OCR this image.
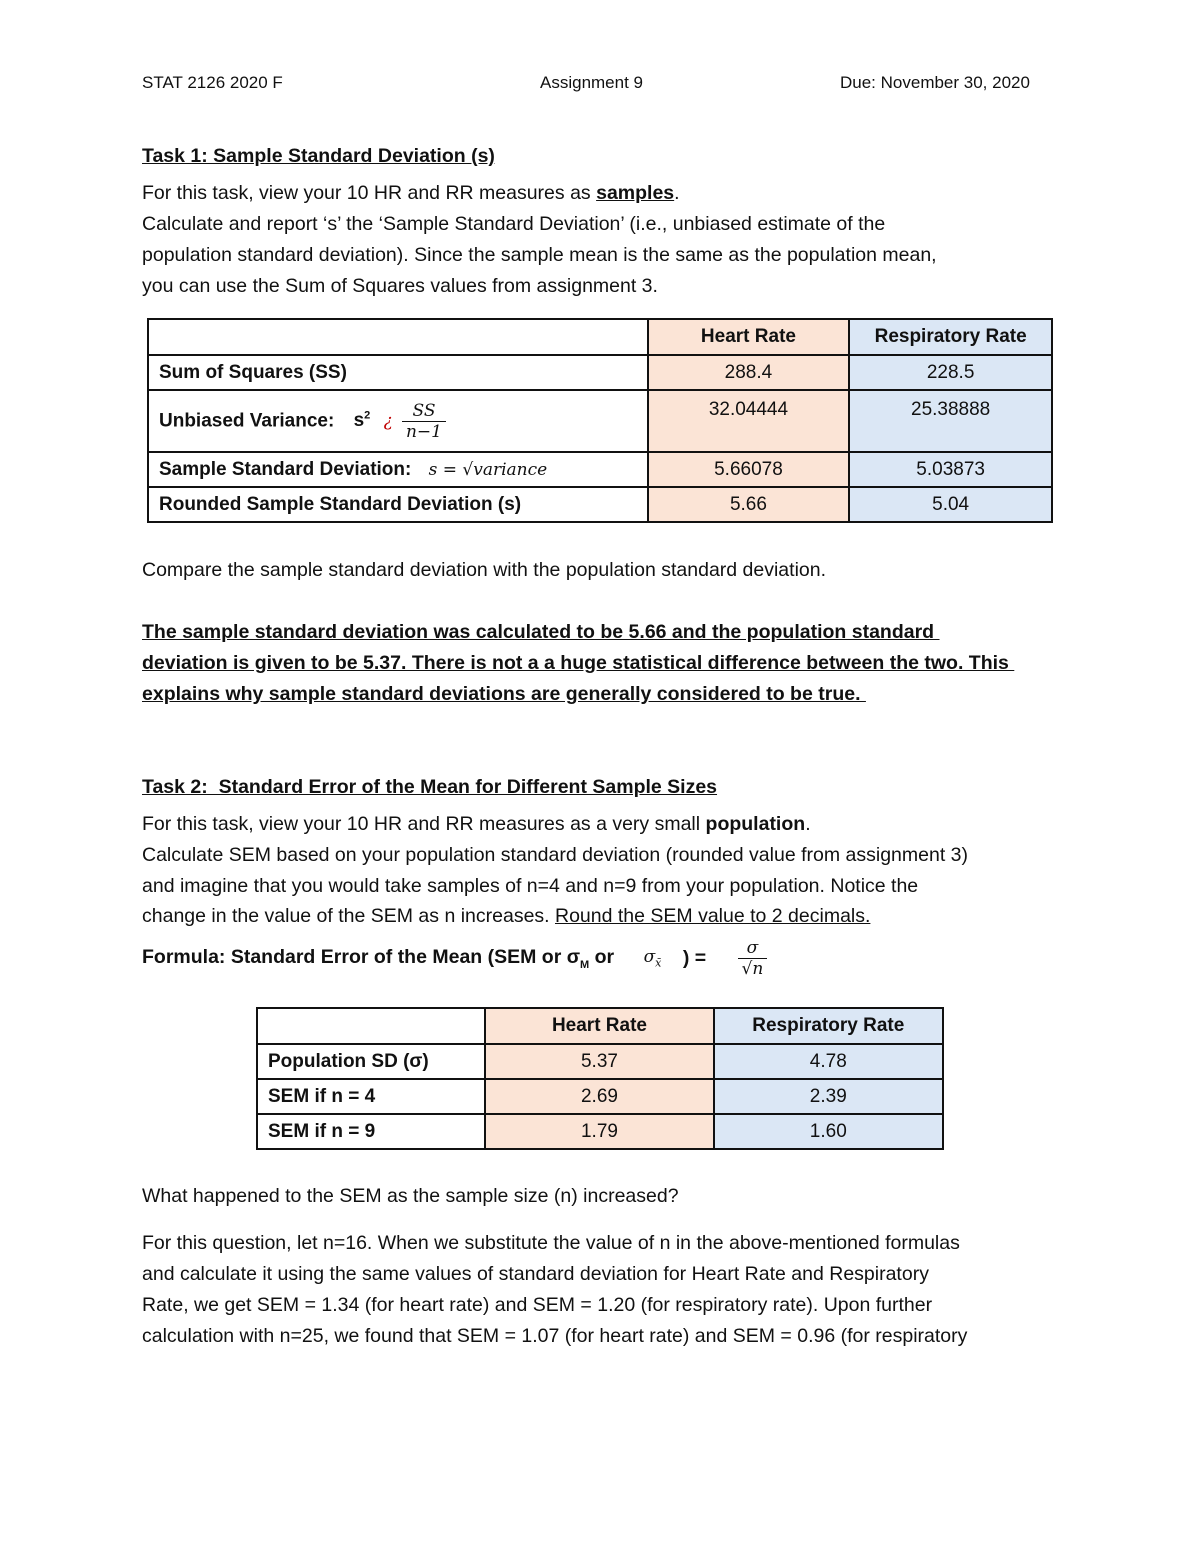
STAT 2126 2020 F	Assignment 9	Due: November 30, 2020
Task 1: Sample Standard Deviation (s)
For this task, view your 10 HR and RR measures as samples.
Calculate and report ‘s’ the ‘Sample Standard Deviation’ (i.e., unbiased estimate of the
population standard deviation). Since the sample mean is the same as the population mean,
you can use the Sum of Squares values from assignment 3.
	Heart Rate	Respiratory Rate
Sum of Squares (SS)	288.4	228.5
Unbiased Variance: $s^2$ ¿ $\frac{SS}{n-1}$	32.04444	25.38888
Sample Standard Deviation: s = √variance	5.66078	5.03873
Rounded Sample Standard Deviation (s)	5.66	5.04
Compare the sample standard deviation with the population standard deviation.
The sample standard deviation was calculated to be 5.66 and the population standard
deviation is given to be 5.37. There is not a a huge statistical difference between the two. This
explains why sample standard deviations are generally considered to be true.
Task 2:  Standard Error of the Mean for Different Sample Sizes
For this task, view your 10 HR and RR measures as a very small population.
Calculate SEM based on your population standard deviation (rounded value from assignment 3)
and imagine that you would take samples of n=4 and n=9 from your population. Notice the
change in the value of the SEM as n increases. Round the SEM value to 2 decimals.
Formula: Standard Error of the Mean (SEM or $\sigma_M$ or $\sigma_{x̄}$ ) = $\frac{\sigma}{√n}$
	Heart Rate	Respiratory Rate
Population SD (σ)	5.37	4.78
SEM if n = 4	2.69	2.39
SEM if n = 9	1.79	1.60
What happened to the SEM as the sample size (n) increased?
For this question, let n=16. When we substitute the value of n in the above-mentioned formulas
and calculate it using the same values of standard deviation for Heart Rate and Respiratory
Rate, we get SEM = 1.34 (for heart rate) and SEM = 1.20 (for respiratory rate). Upon further
calculation with n=25, we found that SEM = 1.07 (for heart rate) and SEM = 0.96 (for respiratory
